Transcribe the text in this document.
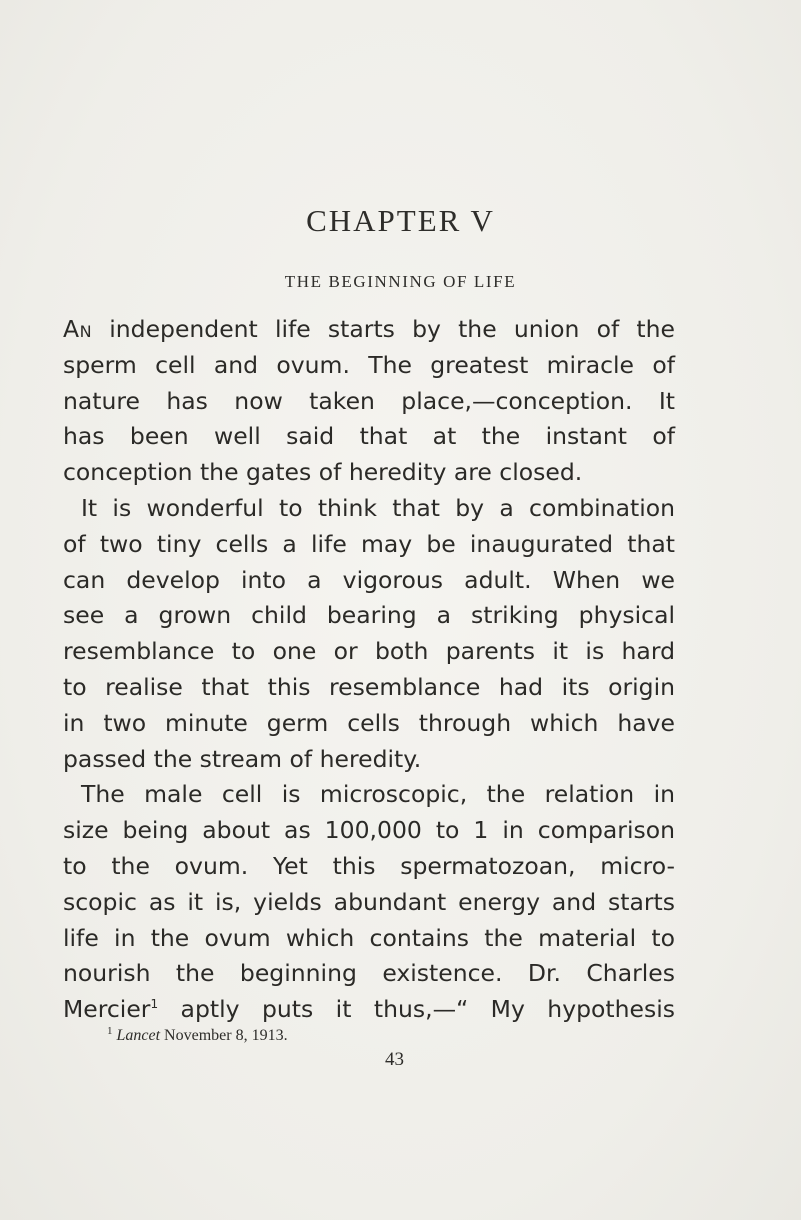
CHAPTER V
THE BEGINNING OF LIFE
An independent life starts by the union of the
sperm cell and ovum. The greatest miracle of
nature has now taken place,—conception. It
has been well said that at the instant of
conception the gates of heredity are closed.
It is wonderful to think that by a combination
of two tiny cells a life may be inaugurated that
can develop into a vigorous adult. When we
see a grown child bearing a striking physical
resemblance to one or both parents it is hard
to realise that this resemblance had its origin
in two minute germ cells through which have
passed the stream of heredity.
The male cell is microscopic, the relation in
size being about as 100,000 to 1 in comparison
to the ovum. Yet this spermatozoan, micro-
scopic as it is, yields abundant energy and starts
life in the ovum which contains the material to
nourish the beginning existence. Dr. Charles
Mercier$^1$ aptly puts it thus,—“ My hypothesis
$^1$ Lancet November 8, 1913.
43
